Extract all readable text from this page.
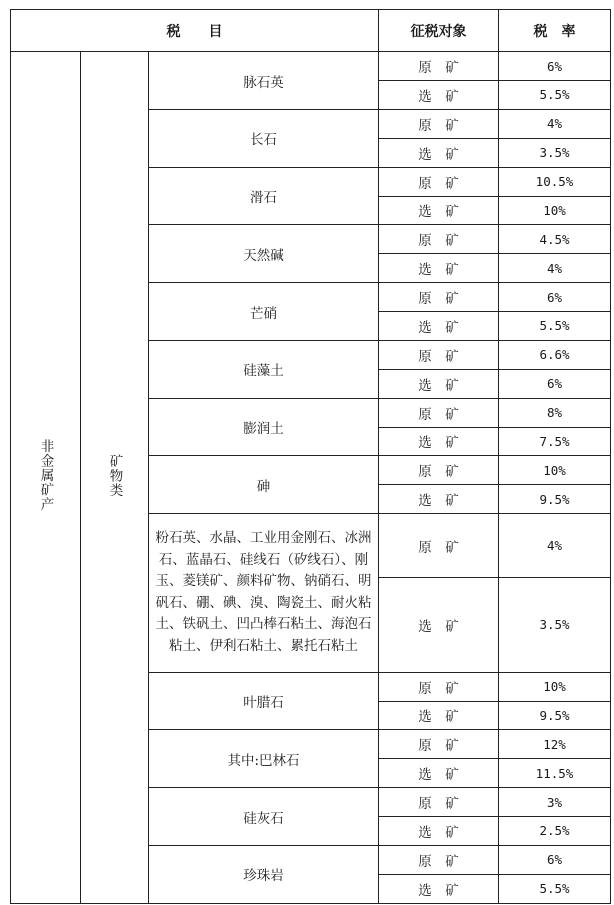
税　　目			征税对象	税　率
非金属矿产	矿物类	脉石英	原　矿	6%
			选　矿	5.5%
		长石	原　矿	4%
			选　矿	3.5%
		滑石	原　矿	10.5%
			选　矿	10%
		天然碱	原　矿	4.5%
			选　矿	4%
		芒硝	原　矿	6%
			选　矿	5.5%
		硅藻土	原　矿	6.6%
			选　矿	6%
		膨润土	原　矿	8%
			选　矿	7.5%
		砷	原　矿	10%
			选　矿	9.5%
		粉石英、水晶、工业用金刚石、冰洲石、蓝晶石、硅线石（矽线石）、刚玉、菱镁矿、颜料矿物、钠硝石、明矾石、硼、碘、溴、陶瓷土、耐火粘土、铁矾土、凹凸棒石粘土、海泡石粘土、伊利石粘土、累托石粘土	原　矿	4%
			选　矿	3.5%
		叶腊石	原　矿	10%
			选　矿	9.5%
		其中:巴林石	原　矿	12%
			选　矿	11.5%
		硅灰石	原　矿	3%
			选　矿	2.5%
		珍珠岩	原　矿	6%
			选　矿	5.5%
